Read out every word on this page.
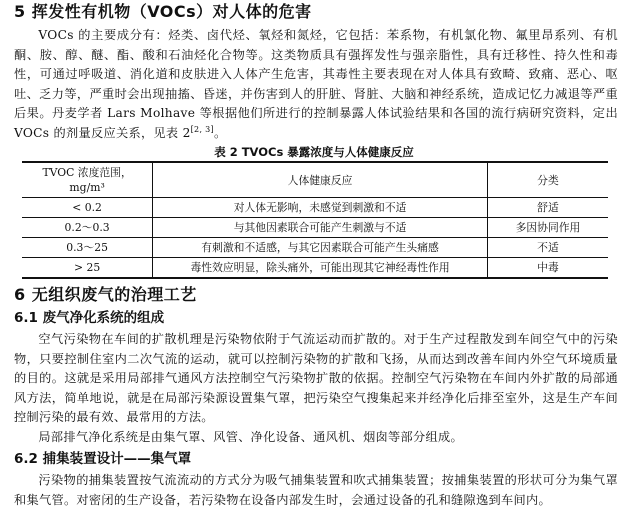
5 挥发性有机物（VOCs）对人体的危害

VOCs 的主要成分有：烃类、卤代烃、氧烃和氮烃，它包括：苯系物，有机氯化物、氟里昂系列、有机酮、胺、醇、醚、酯、酸和石油烃化合物等。这类物质具有强挥发性与强亲脂性，具有迁移性、持久性和毒性，可通过呼吸道、消化道和皮肤进入人体产生危害，其毒性主要表现在对人体具有致畸、致痛、恶心、呕吐、乏力等，严重时会出现抽搐、昏迷，并伤害到人的肝脏、肾脏、大脑和神经系统，造成记忆力减退等严重后果。丹麦学者 Lars Molhave 等根据他们所进行的控制暴露人体试验结果和各国的流行病研究资料，定出 VOCs 的剂量反应关系，见表 2[2, 3]。

表 2 TVOCs 暴露浓度与人体健康反应
TVOC 浓度范围，mg/m³	人体健康反应	分类
< 0.2	对人体无影响，未感觉到刺激和不适	舒适
0.2～0.3	与其他因素联合可能产生刺激与不适	多因协同作用
0.3～25	有刺激和不适感，与其它因素联合可能产生头痛感	不适
> 25	毒性效应明显，除头痛外，可能出现其它神经毒性作用	中毒
6 无组织废气的治理工艺
6.1 废气净化系统的组成

空气污染物在车间的扩散机理是污染物依附于气流运动而扩散的。对于生产过程散发到车间空气中的污染物，只要控制住室内二次气流的运动，就可以控制污染物的扩散和飞扬，从而达到改善车间内外空气环境质量的目的。这就是采用局部排气通风方法控制空气污染物扩散的依据。控制空气污染物在车间内外扩散的局部通风方法，简单地说，就是在局部污染源设置集气罩，把污染空气搜集起来并经净化后排至室外，这是生产车间控制污染的最有效、最常用的方法。

局部排气净化系统是由集气罩、风管、净化设备、通风机、烟囱等部分组成。

6.2 捕集装置设计——集气罩

污染物的捕集装置按气流流动的方式分为吸气捕集装置和吹式捕集装置；按捕集装置的形状可分为集气罩和集气管。对密闭的生产设备，若污染物在设备内部发生时，会通过设备的孔和缝隙逸到车间内。
